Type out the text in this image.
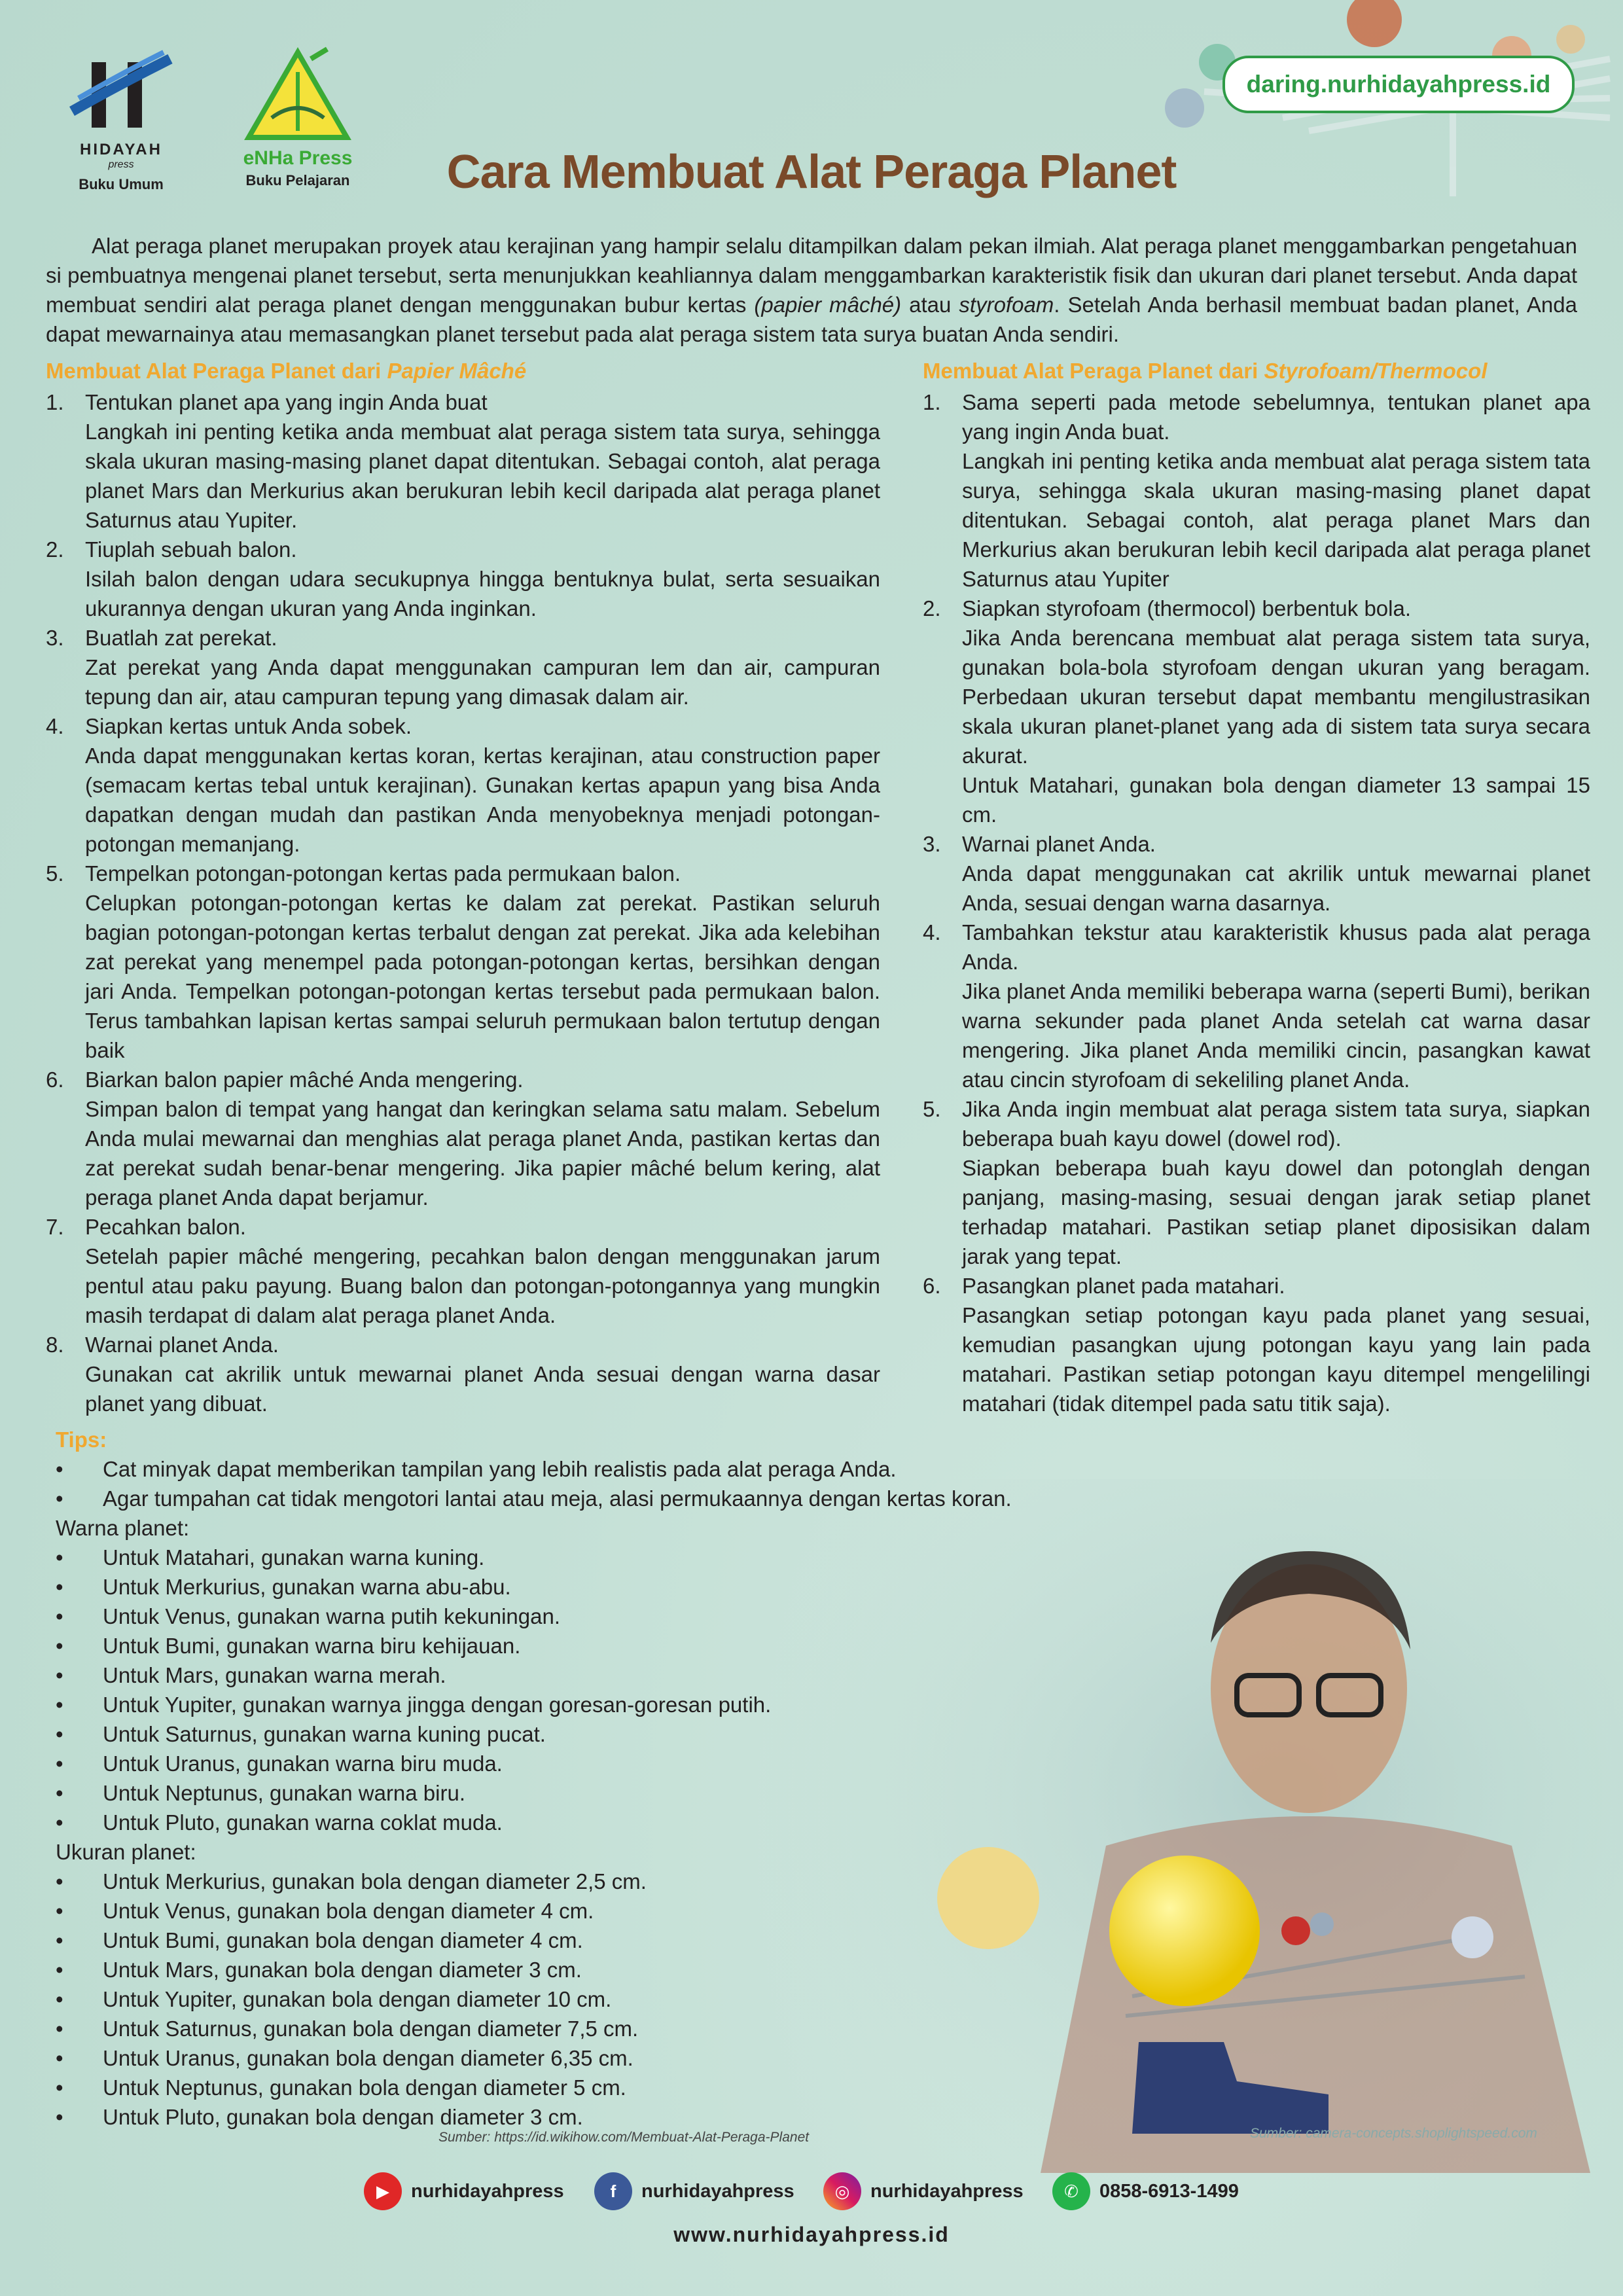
HIDAYAH
press
Buku Umum
eNHa Press
Buku Pelajaran
daring.nurhidayahpress.id
Cara Membuat Alat Peraga Planet
Alat peraga planet merupakan proyek atau kerajinan yang hampir selalu ditampilkan dalam pekan ilmiah. Alat peraga planet menggambarkan pengetahuan si pembuatnya mengenai planet tersebut, serta menunjukkan keahliannya dalam menggambarkan karakteristik fisik dan ukuran dari planet tersebut. Anda dapat membuat sendiri alat peraga planet dengan menggunakan bubur kertas (papier mâché) atau styrofoam. Setelah Anda berhasil membuat badan planet, Anda dapat mewarnainya atau memasangkan planet tersebut pada alat peraga sistem tata surya buatan Anda sendiri.
Membuat Alat Peraga Planet dari Papier Mâché
1. Tentukan planet apa yang ingin Anda buat
Langkah ini penting ketika anda membuat alat peraga sistem tata surya, sehingga skala ukuran masing-masing planet dapat ditentukan. Sebagai contoh, alat peraga planet Mars dan Merkurius akan berukuran lebih kecil daripada alat peraga planet Saturnus atau Yupiter.
2. Tiuplah sebuah balon.
Isilah balon dengan udara secukupnya hingga bentuknya bulat, serta sesuaikan ukurannya dengan ukuran yang Anda inginkan.
3. Buatlah zat perekat.
Zat perekat yang Anda dapat menggunakan campuran lem dan air, campuran tepung dan air, atau campuran tepung yang dimasak dalam air.
4. Siapkan kertas untuk Anda sobek.
Anda dapat menggunakan kertas koran, kertas kerajinan, atau construction paper (semacam kertas tebal untuk kerajinan). Gunakan kertas apapun yang bisa Anda dapatkan dengan mudah dan pastikan Anda menyobeknya menjadi potongan-potongan memanjang.
5. Tempelkan potongan-potongan kertas pada permukaan balon.
Celupkan potongan-potongan kertas ke dalam zat perekat. Pastikan seluruh bagian potongan-potongan kertas terbalut dengan zat perekat. Jika ada kelebihan zat perekat yang menempel pada potongan-potongan kertas, bersihkan dengan jari Anda. Tempelkan potongan-potongan kertas tersebut pada permukaan balon. Terus tambahkan lapisan kertas sampai seluruh permukaan balon tertutup dengan baik
6. Biarkan balon papier mâché Anda mengering.
Simpan balon di tempat yang hangat dan keringkan selama satu malam. Sebelum Anda mulai mewarnai dan menghias alat peraga planet Anda, pastikan kertas dan zat perekat sudah benar-benar mengering. Jika papier mâché belum kering, alat peraga planet Anda dapat berjamur.
7. Pecahkan balon.
Setelah papier mâché mengering, pecahkan balon dengan menggunakan jarum pentul atau paku payung. Buang balon dan potongan-potongannya yang mungkin masih terdapat di dalam alat peraga planet Anda.
8. Warnai planet Anda.
Gunakan cat akrilik untuk mewarnai planet Anda sesuai dengan warna dasar planet yang dibuat.
Membuat Alat Peraga Planet dari Styrofoam/Thermocol
1. Sama seperti pada metode sebelumnya, tentukan planet apa yang ingin Anda buat.
Langkah ini penting ketika anda membuat alat peraga sistem tata surya, sehingga skala ukuran masing-masing planet dapat ditentukan. Sebagai contoh, alat peraga planet Mars dan Merkurius akan berukuran lebih kecil daripada alat peraga planet Saturnus atau Yupiter
2. Siapkan styrofoam (thermocol) berbentuk bola.
Jika Anda berencana membuat alat peraga sistem tata surya, gunakan bola-bola styrofoam dengan ukuran yang beragam. Perbedaan ukuran tersebut dapat membantu mengilustrasikan skala ukuran planet-planet yang ada di sistem tata surya secara akurat.
Untuk Matahari, gunakan bola dengan diameter 13 sampai 15 cm.
3. Warnai planet Anda.
Anda dapat menggunakan cat akrilik untuk mewarnai planet Anda, sesuai dengan warna dasarnya.
4. Tambahkan tekstur atau karakteristik khusus pada alat peraga Anda.
Jika planet Anda memiliki beberapa warna (seperti Bumi), berikan warna sekunder pada planet Anda setelah cat warna dasar mengering. Jika planet Anda memiliki cincin, pasangkan kawat atau cincin styrofoam di sekeliling planet Anda.
5. Jika Anda ingin membuat alat peraga sistem tata surya, siapkan beberapa buah kayu dowel (dowel rod).
Siapkan beberapa buah kayu dowel dan potonglah dengan panjang, masing-masing, sesuai dengan jarak setiap planet terhadap matahari. Pastikan setiap planet diposisikan dalam jarak yang tepat.
6. Pasangkan planet pada matahari.
Pasangkan setiap potongan kayu pada planet yang sesuai, kemudian pasangkan ujung potongan kayu yang lain pada matahari. Pastikan setiap potongan kayu ditempel mengelilingi matahari (tidak ditempel pada satu titik saja).
Tips:
•	Cat minyak dapat memberikan tampilan yang lebih realistis pada alat peraga Anda.
•	Agar tumpahan cat tidak mengotori lantai atau meja, alasi permukaannya dengan kertas koran.
Warna planet:
•	Untuk Matahari, gunakan warna kuning.
•	Untuk Merkurius, gunakan warna abu-abu.
•	Untuk Venus, gunakan warna putih kekuningan.
•	Untuk Bumi, gunakan warna biru kehijauan.
•	Untuk Mars, gunakan warna merah.
•	Untuk Yupiter, gunakan warnya jingga dengan goresan-goresan putih.
•	Untuk Saturnus, gunakan warna kuning pucat.
•	Untuk Uranus, gunakan warna biru muda.
•	Untuk Neptunus, gunakan warna biru.
•	Untuk Pluto, gunakan warna coklat muda.
Ukuran planet:
•	Untuk Merkurius, gunakan bola dengan diameter 2,5 cm.
•	Untuk Venus, gunakan bola dengan diameter 4 cm.
•	Untuk Bumi, gunakan bola dengan diameter 4 cm.
•	Untuk Mars, gunakan bola dengan diameter 3 cm.
•	Untuk Yupiter, gunakan bola dengan diameter 10 cm.
•	Untuk Saturnus, gunakan bola dengan diameter 7,5 cm.
•	Untuk Uranus, gunakan bola dengan diameter 6,35 cm.
•	Untuk Neptunus, gunakan bola dengan diameter 5 cm.
•	Untuk Pluto, gunakan bola dengan diameter 3 cm.
Sumber: https://id.wikihow.com/Membuat-Alat-Peraga-Planet	Sumber: camera-concepts.shoplightspeed.com
▶	nurhidayahpress	f	nurhidayahpress	◎	nurhidayahpress	✆	0858-6913-1499
www.nurhidayahpress.id
